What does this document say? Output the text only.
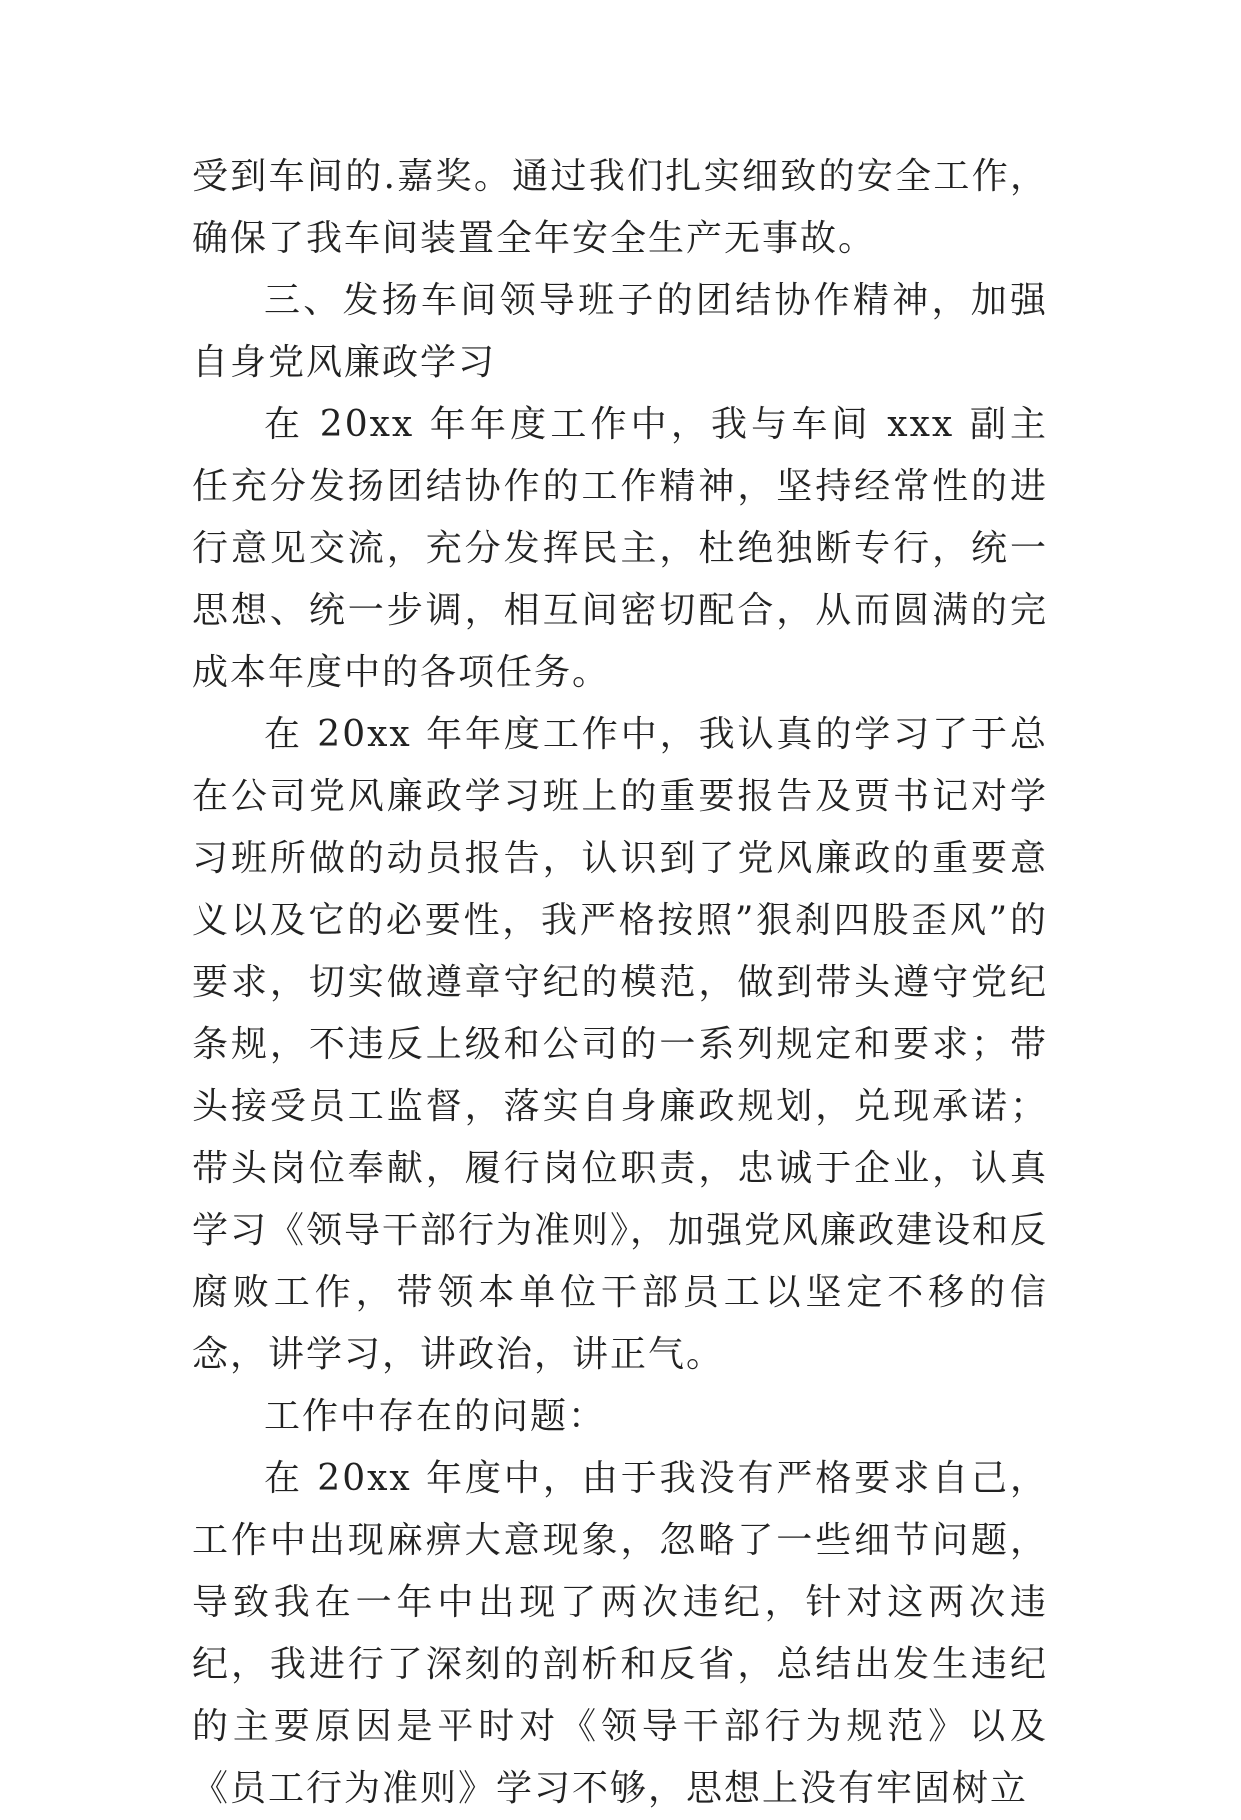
受到车间的.嘉奖。通过我们扎实细致的安全工作，确保了我车间装置全年安全生产无事故。

三、发扬车间领导班子的团结协作精神，加强自身党风廉政学习

在 20xx 年年度工作中，我与车间 xxx 副主任充分发扬团结协作的工作精神，坚持经常性的进行意见交流，充分发挥民主，杜绝独断专行，统一思想、统一步调，相互间密切配合，从而圆满的完成本年度中的各项任务。

在 20xx 年年度工作中，我认真的学习了于总在公司党风廉政学习班上的重要报告及贾书记对学习班所做的动员报告，认识到了党风廉政的重要意义以及它的必要性，我严格按照”狠刹四股歪风”的要求，切实做遵章守纪的模范，做到带头遵守党纪条规，不违反上级和公司的一系列规定和要求；带头接受员工监督，落实自身廉政规划，兑现承诺；带头岗位奉献，履行岗位职责，忠诚于企业，认真学习《领导干部行为准则》，加强党风廉政建设和反腐败工作，带领本单位干部员工以坚定不移的信念，讲学习，讲政治，讲正气。

工作中存在的问题：

在 20xx 年度中，由于我没有严格要求自己，工作中出现麻痹大意现象，忽略了一些细节问题，导致我在一年中出现了两次违纪，针对这两次违纪，我进行了深刻的剖析和反省，总结出发生违纪的主要原因是平时对《领导干部行为规范》以及《员工行为准则》学习不够，思想上没有牢固树立
